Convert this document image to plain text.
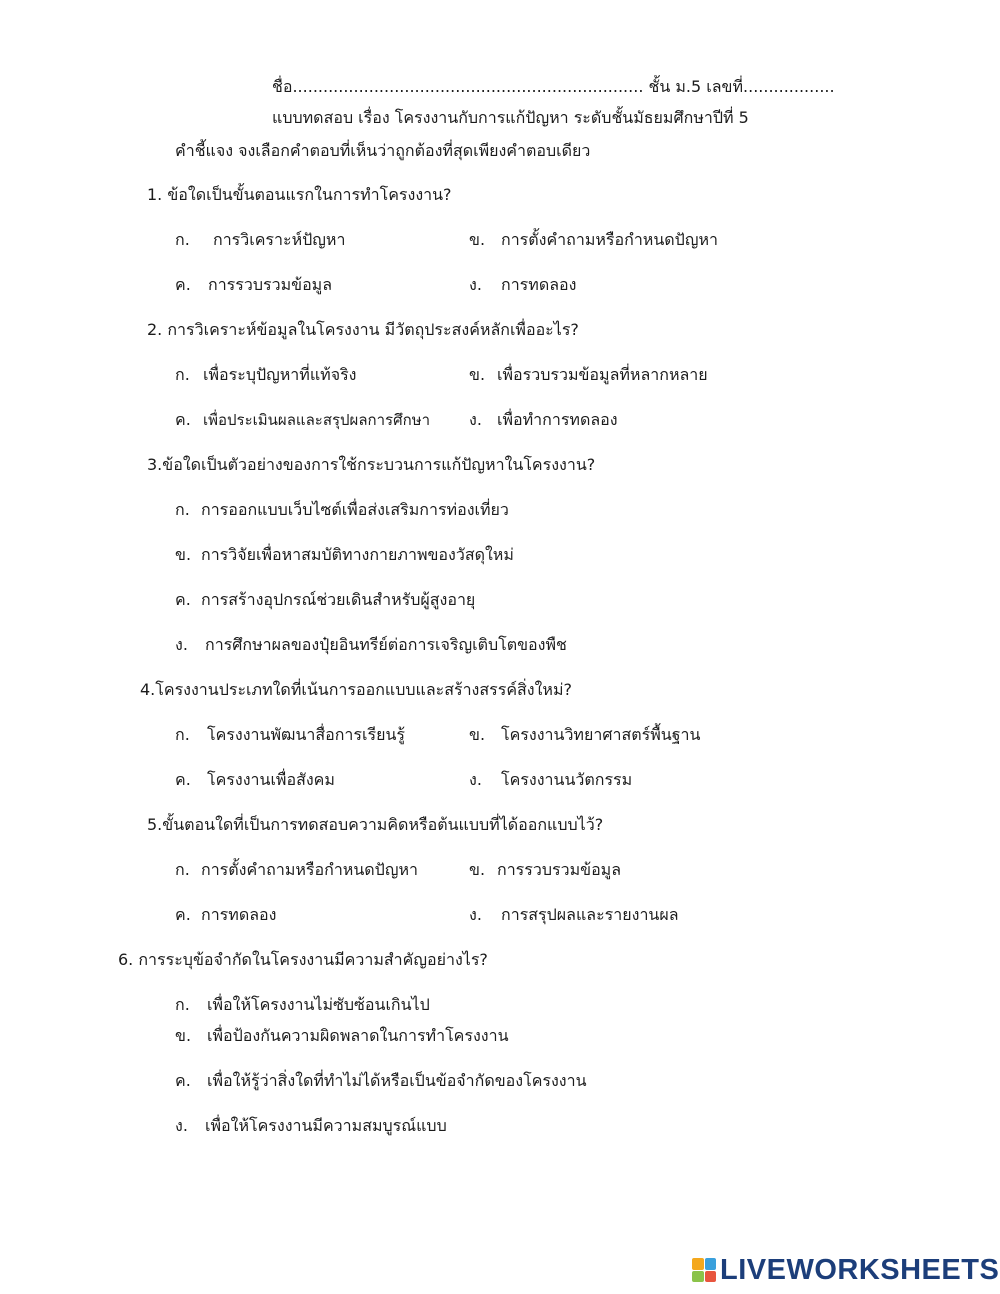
ชื่อ..................................................................... ชั้น ม.5 เลขที่..................
แบบทดสอบ เรื่อง โครงงานกับการแก้ปัญหา ระดับชั้นมัธยมศึกษาปีที่ 5
คำชี้แจง จงเลือกคำตอบที่เห็นว่าถูกต้องที่สุดเพียงคำตอบเดียว
1. ข้อใดเป็นขั้นตอนแรกในการทำโครงงาน?
ก. การวิเคราะห์ปัญหา	ข. การตั้งคำถามหรือกำหนดปัญหา
ค. การรวบรวมข้อมูล	ง. การทดลอง
2. การวิเคราะห์ข้อมูลในโครงงาน มีวัตถุประสงค์หลักเพื่ออะไร?
ก. เพื่อระบุปัญหาที่แท้จริง	ข. เพื่อรวบรวมข้อมูลที่หลากหลาย
ค. เพื่อประเมินผลและสรุปผลการศึกษา ง. เพื่อทำการทดลอง
3.ข้อใดเป็นตัวอย่างของการใช้กระบวนการแก้ปัญหาในโครงงาน?
ก. การออกแบบเว็บไซต์เพื่อส่งเสริมการท่องเที่ยว
ข. การวิจัยเพื่อหาสมบัติทางกายภาพของวัสดุใหม่
ค. การสร้างอุปกรณ์ช่วยเดินสำหรับผู้สูงอายุ
ง. การศึกษาผลของปุ๋ยอินทรีย์ต่อการเจริญเติบโตของพืช
4.โครงงานประเภทใดที่เน้นการออกแบบและสร้างสรรค์สิ่งใหม่?
ก. โครงงานพัฒนาสื่อการเรียนรู้	ข. โครงงานวิทยาศาสตร์พื้นฐาน
ค. โครงงานเพื่อสังคม	ง. โครงงานนวัตกรรม
5.ขั้นตอนใดที่เป็นการทดสอบความคิดหรือต้นแบบที่ได้ออกแบบไว้?
ก. การตั้งคำถามหรือกำหนดปัญหา	ข. การรวบรวมข้อมูล
ค. การทดลอง	ง. การสรุปผลและรายงานผล
6. การระบุข้อจำกัดในโครงงานมีความสำคัญอย่างไร?
ก. เพื่อให้โครงงานไม่ซับซ้อนเกินไป
ข. เพื่อป้องกันความผิดพลาดในการทำโครงงาน
ค. เพื่อให้รู้ว่าสิ่งใดที่ทำไม่ได้หรือเป็นข้อจำกัดของโครงงาน
ง. เพื่อให้โครงงานมีความสมบูรณ์แบบ
LIVEWORKSHEETS
